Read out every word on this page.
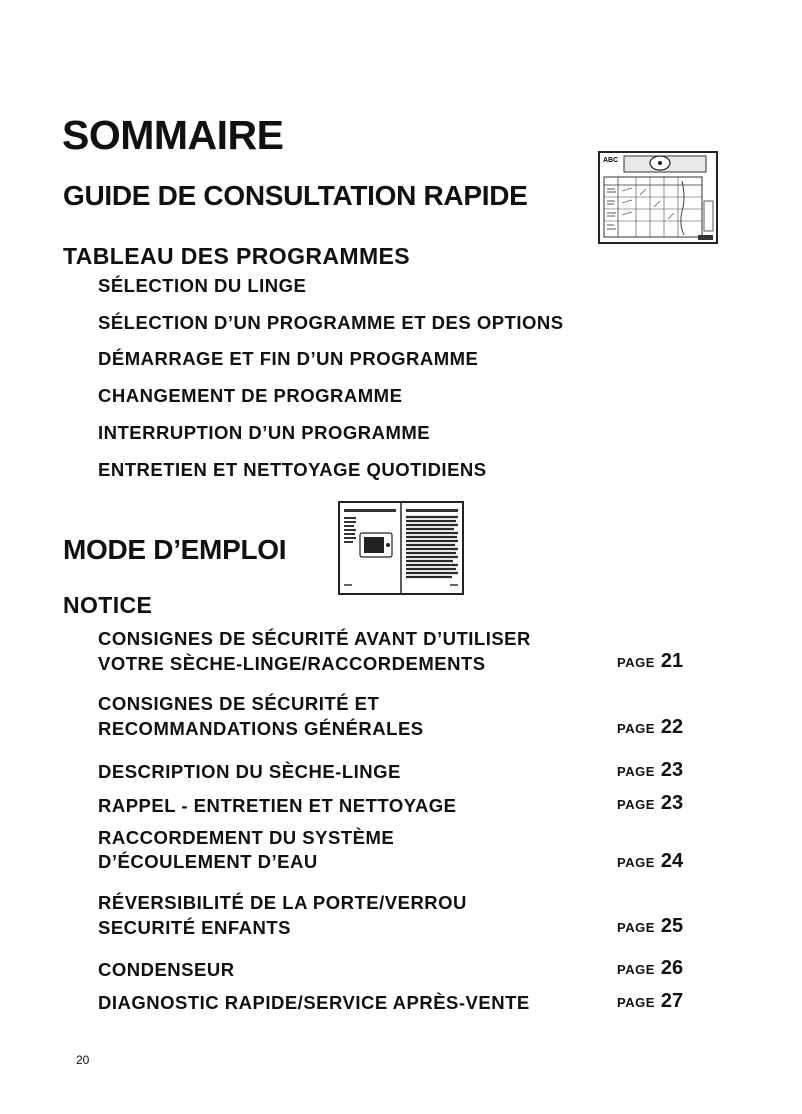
SOMMAIRE
GUIDE DE CONSULTATION RAPIDE
ABC
TABLEAU DES PROGRAMMES
SÉLECTION DU LINGE
SÉLECTION D’UN PROGRAMME ET DES OPTIONS
DÉMARRAGE ET FIN D’UN PROGRAMME
CHANGEMENT DE PROGRAMME
INTERRUPTION D’UN PROGRAMME
ENTRETIEN ET NETTOYAGE QUOTIDIENS
MODE D’EMPLOI
NOTICE
CONSIGNES DE SÉCURITÉ AVANT D’UTILISER
VOTRE SÈCHE-LINGE/RACCORDEMENTS	PAGE 21
CONSIGNES DE SÉCURITÉ ET
RECOMMANDATIONS GÉNÉRALES	PAGE 22
DESCRIPTION DU SÈCHE-LINGE	PAGE 23
RAPPEL - ENTRETIEN ET NETTOYAGE	PAGE 23
RACCORDEMENT DU SYSTÈME
D’ÉCOULEMENT D’EAU	PAGE 24
RÉVERSIBILITÉ DE LA PORTE/VERROU
SECURITÉ ENFANTS	PAGE 25
CONDENSEUR	PAGE 26
DIAGNOSTIC RAPIDE/SERVICE APRÈS-VENTE	PAGE 27
20
